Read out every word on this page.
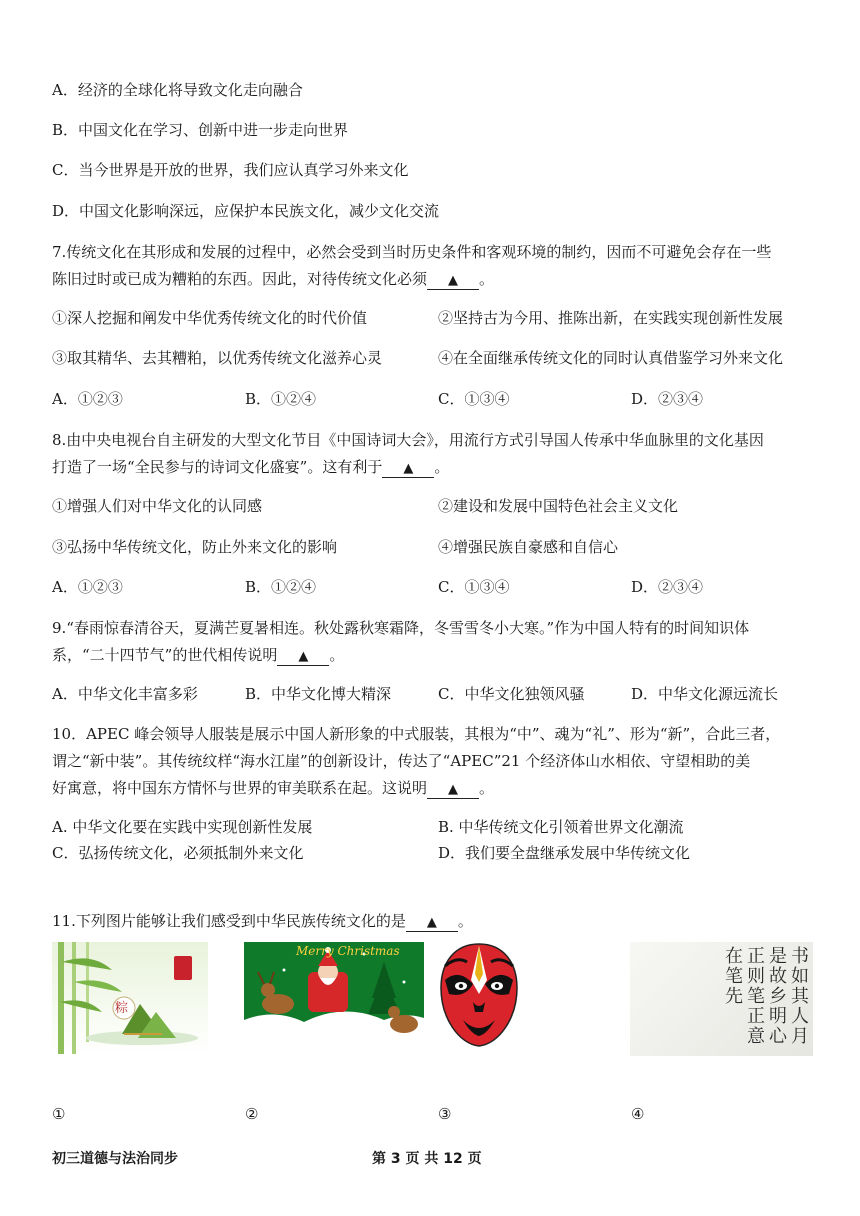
A．经济的全球化将导致文化走向融合
B．中国文化在学习、创新中进一步走向世界
C．当今世界是开放的世界，我们应认真学习外来文化
D．中国文化影响深远，应保护本民族文化，减少文化交流
7.传统文化在其形成和发展的过程中，必然会受到当时历史条件和客观环境的制约，因而不可避免会存在一些
陈旧过时或已成为糟粕的东西。因此，对待传统文化必须 ▲ 。
①深人挖掘和阐发中华优秀传统文化的时代价值	②坚持古为今用、推陈出新，在实践实现创新性发展
③取其精华、去其糟粕，以优秀传统文化滋养心灵	④在全面继承传统文化的同时认真借鉴学习外来文化
A．①②③	B．①②④	C．①③④	D．②③④
8.由中央电视台自主研发的大型文化节目《中国诗词大会》，用流行方式引导国人传承中华血脉里的文化基因
打造了一场“全民参与的诗词文化盛宴”。这有利于 ▲ 。
①增强人们对中华文化的认同感	②建设和发展中国特色社会主义文化
③弘扬中华传统文化，防止外来文化的影响	④增强民族自豪感和自信心
A．①②③	B．①②④	C．①③④	D．②③④
9.“春雨惊春清谷天，夏满芒夏暑相连。秋处露秋寒霜降，冬雪雪冬小大寒。”作为中国人特有的时间知识体
系，“二十四节气”的世代相传说明 ▲ 。
A．中华文化丰富多彩	B．中华文化博大精深	C．中华文化独领风骚	D．中华文化源远流长
10．APEC 峰会领导人服装是展示中国人新形象的中式服装，其根为“中”、魂为“礼”、形为“新”，合此三者，
谓之“新中装”。其传统纹样“海水江崖”的创新设计，传达了“APEC”21 个经济体山水相依、守望相助的美
好寓意，将中国东方情怀与世界的审美联系在起。这说明 ▲ 。
A. 中华文化要在实践中实现创新性发展	B. 中华传统文化引领着世界文化潮流
C．弘扬传统文化，必须抵制外来文化	D．我们要全盘继承发展中华传统文化
11.下列图片能够让我们感受到中华民族传统文化的是 ▲ 。
粽
Merry Christmas	书如其人月是故乡明心正则笔正意在笔先
①	②	③	④
初三道德与法治同步	第 3 页 共 12 页
